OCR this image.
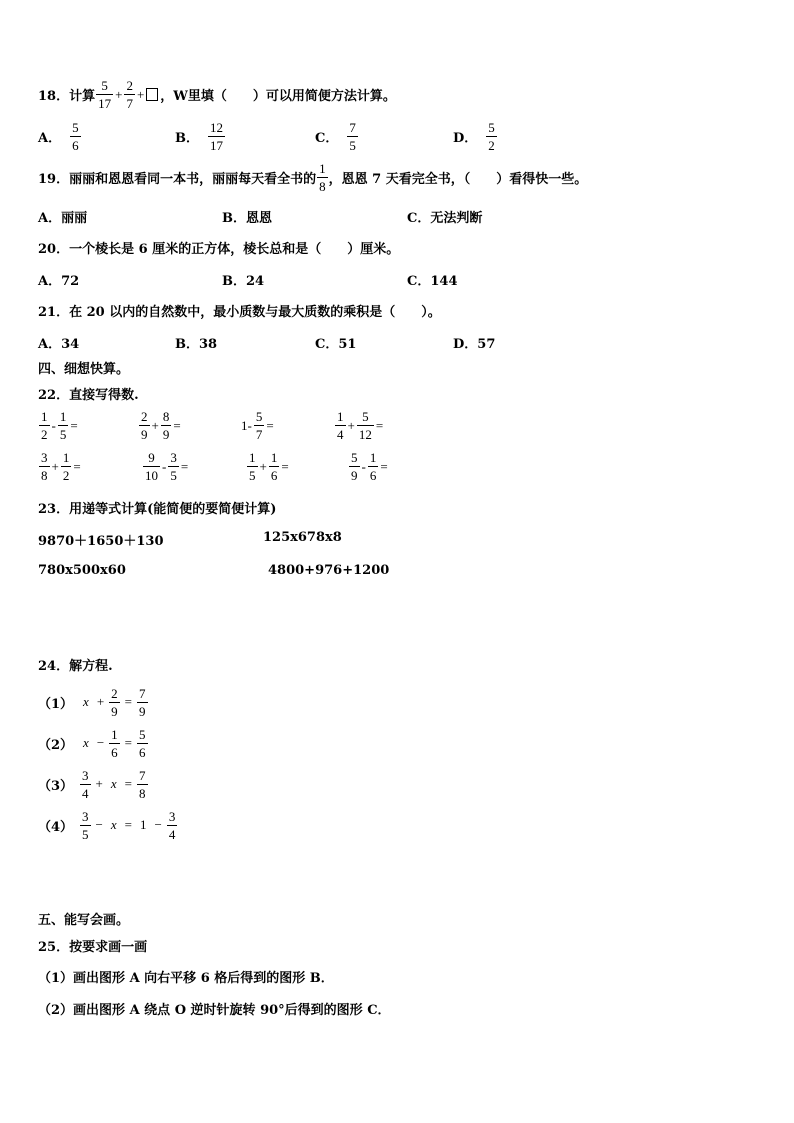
18． 计算 $\frac{5}{17} + \frac{2}{7}$ + ，W里填（　　）可以用简便方法计算。
A． $\frac{5}{6}$	B． $\frac{12}{17}$	C． $\frac{7}{5}$	D． $\frac{5}{2}$
19． 丽丽和恩恩看同一本书，丽丽每天看全书的 $\frac{1}{8}$ ，恩恩 7 天看完全书，（　　）看得快一些。
A．丽丽	B．恩恩	C．无法判断
20．一个棱长是 6 厘米的正方体，棱长总和是（　　）厘米。
A．72	B．24	C．144
21．在 20 以内的自然数中，最小质数与最大质数的乘积是（　　）。
A．34	B．38	C．51	D．57
四、细想快算。
22．直接写得数.
$\frac{1}{2} - \frac{1}{5}$ =	$\frac{2}{9} + \frac{8}{9}$ =	$1- \frac{5}{7}$ =	$\frac{1}{4} + \frac{5}{12}$ =
$\frac{3}{8} + \frac{1}{2}$ =	$\frac{9}{10} - \frac{3}{5}$ =	$\frac{1}{5} + \frac{1}{6}$ =	$\frac{5}{9} - \frac{1}{6}$ =
23．用递等式计算(能简便的要简便计算)
9870＋1650＋130	125x678x8
780x500x60	4800+976+1200
24．解方程.
（1） $x + \frac{2}{9} = \frac{7}{9}$
（2） $x - \frac{1}{6} = \frac{5}{6}$
$(3) \frac{3}{4} + x = \frac{7}{8}$
$(4) \frac{3}{5} - x = 1 - \frac{3}{4}$
五、能写会画。
25．按要求画一画
（1）画出图形 A 向右平移 6 格后得到的图形 B．
（2）画出图形 A 绕点 O 逆时针旋转 90°后得到的图形 C．
